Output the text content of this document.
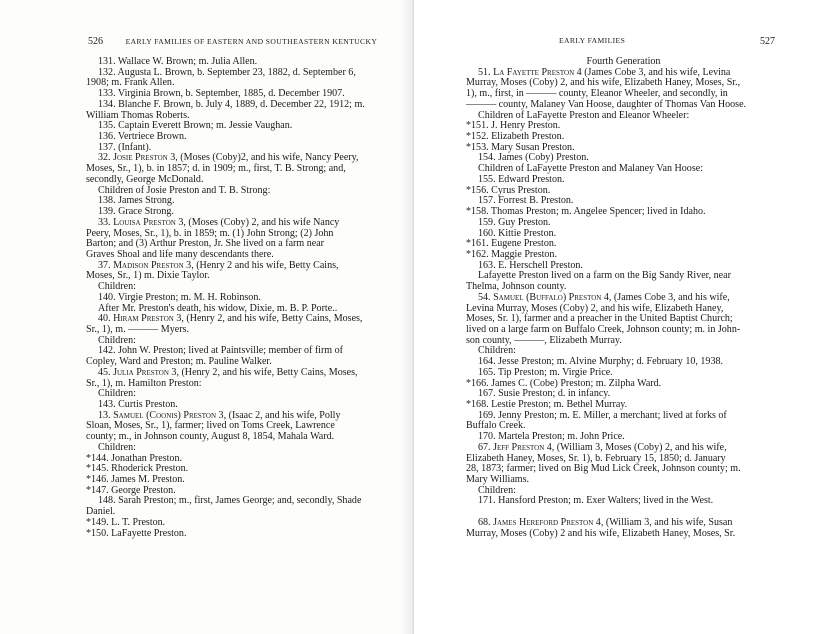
526	EARLY FAMILIES OF EASTERN AND SOUTHEASTERN KENTUCKY
131. Wallace W. Brown; m. Julia Allen.
132. Augusta L. Brown, b. September 23, 1882, d. September 6,
1908; m. Frank Allen.
133. Virginia Brown, b. September, 1885, d. December 1907.
134. Blanche F. Brown, b. July 4, 1889, d. December 22, 1912; m.
William Thomas Roberts.
135. Captain Everett Brown; m. Jessie Vaughan.
136. Vertriece Brown.
137. (Infant).
32. Josie Preston 3, (Moses (Coby)2, and his wife, Nancy Peery,
Moses, Sr., 1), b. in 1857; d. in 1909; m., first, T. B. Strong; and,
secondly, George McDonald.
Children of Josie Preston and T. B. Strong:
138. James Strong.
139. Grace Strong.
33. Louisa Preston 3, (Moses (Coby) 2, and his wife Nancy
Peery, Moses, Sr., 1), b. in 1859; m. (1) John Strong; (2) John
Barton; and (3) Arthur Preston, Jr. She lived on a farm near
Graves Shoal and life many descendants there.
37. Madison Preston 3, (Henry 2 and his wife, Betty Cains,
Moses, Sr., 1) m. Dixie Taylor.
Children:
140. Virgie Preston; m. M. H. Robinson.
After Mr. Preston's death, his widow, Dixie, m. B. P. Porte..
40. Hiram Preston 3, (Henry 2, and his wife, Betty Cains, Moses,
Sr., 1), m. ——— Myers.
Children:
142. John W. Preston; lived at Paintsville; member of firm of
Copley, Ward and Preston; m. Pauline Walker.
45. Julia Preston 3, (Henry 2, and his wife, Betty Cains, Moses,
Sr., 1), m. Hamilton Preston:
Children:
143. Curtis Preston.
13. Samuel (Coonis) Preston 3, (Isaac 2, and his wife, Polly
Sloan, Moses, Sr., 1), farmer; lived on Toms Creek, Lawrence
county; m., in Johnson county, August 8, 1854, Mahala Ward.
Children:
*144. Jonathan Preston.
*145. Rhoderick Preston.
*146. James M. Preston.
*147. George Preston.
148. Sarah Preston; m., first, James George; and, secondly, Shade
Daniel.
*149. L. T. Preston.
*150. LaFayette Preston.
EARLY FAMILIES	527
Fourth Generation
51. La Fayette Preston 4 (James Cobe 3, and his wife, Levina
Murray, Moses (Coby) 2, and his wife, Elizabeth Haney, Moses, Sr.,
1), m., first, in ——— county, Eleanor Wheeler, and secondly, in
——— county, Malaney Van Hoose, daughter of Thomas Van Hoose.
Children of LaFayette Preston and Eleanor Wheeler:
*151. J. Henry Preston.
*152. Elizabeth Preston.
*153. Mary Susan Preston.
154. James (Coby) Preston.
Children of LaFayette Preston and Malaney Van Hoose:
155. Edward Preston.
*156. Cyrus Preston.
157. Forrest B. Preston.
*158. Thomas Preston; m. Angelee Spencer; lived in Idaho.
159. Guy Preston.
160. Kittie Preston.
*161. Eugene Preston.
*162. Maggie Preston.
163. E. Herschell Preston.
Lafayette Preston lived on a farm on the Big Sandy River, near
Thelma, Johnson county.
54. Samuel (Buffalo) Preston 4, (James Cobe 3, and his wife,
Levina Murray, Moses (Coby) 2, and his wife, Elizabeth Haney,
Moses, Sr. 1), farmer and a preacher in the United Baptist Church;
lived on a large farm on Buffalo Creek, Johnson county; m. in John-
son county, ———, Elizabeth Murray.
Children:
164. Jesse Preston; m. Alvine Murphy; d. February 10, 1938.
165. Tip Preston; m. Virgie Price.
*166. James C. (Cobe) Preston; m. Zilpha Ward.
167. Susie Preston; d. in infancy.
*168. Lestie Preston; m. Bethel Murray.
169. Jenny Preston; m. E. Miller, a merchant; lived at forks of
Buffalo Creek.
170. Martela Preston; m. John Price.
67. Jeff Preston 4, (William 3, Moses (Coby) 2, and his wife,
Elizabeth Haney, Moses, Sr. 1), b. February 15, 1850; d. January
28, 1873; farmer; lived on Big Mud Lick Creek, Johnson county; m.
Mary Williams.
Children:
171. Hansford Preston; m. Exer Walters; lived in the West.
68. James Hereford Preston 4, (William 3, and his wife, Susan
Murray, Moses (Coby) 2 and his wife, Elizabeth Haney, Moses, Sr.
